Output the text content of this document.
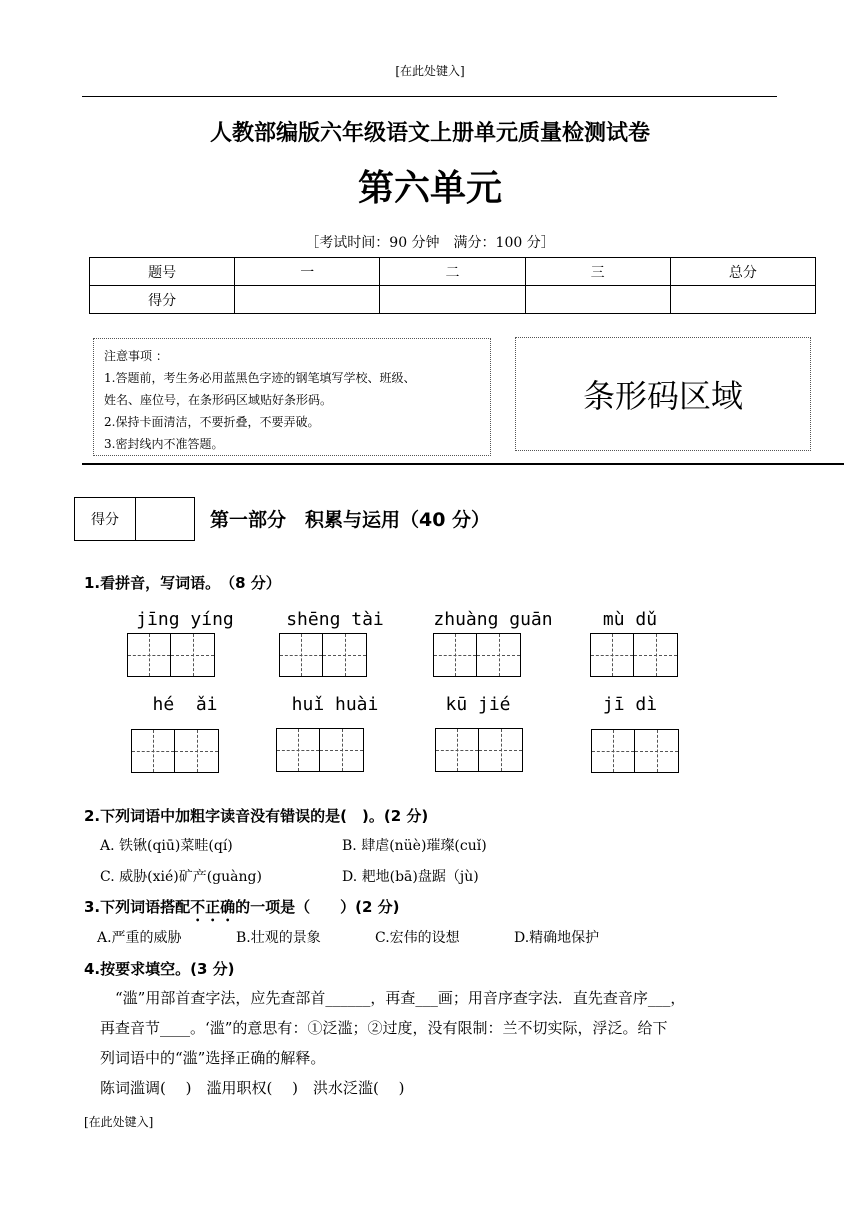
[在此处键入]
人教部编版六年级语文上册单元质量检测试卷
第六单元
［考试时间：90 分钟　满分：100 分］
题号	一	二	三	总分
得分				
注意事项 ：
1.答题前，考生务必用蓝黑色字迹的钢笔填写学校、班级、
姓名、座位号，在条形码区域贴好条形码。
2.保持卡面清洁，不要折叠，不要弄破。
3.密封线内不准答题。
条形码区域
得分	第一部分　积累与运用（40 分）
1.看拼音，写词语。　（8 分）
jīng yíng	shēng tài	zhuàng guān	mù dǔ
hé  ǎi	huǐ huài	kū jié	jī dì
2.下列词语中加粗字读音没有错误的是(　)。(2 分)
A. 铁锹(qiū)菜畦(qí)	B. 肆虐(nüè)璀璨(cuǐ)
C. 威胁(xié)矿产(guàng)	D. 耙地(bā)盘踞（jù)
3.下列词语搭配不正确的一项是（　　）(2 分)
A.严重的威胁	B.壮观的景象	C.宏伟的设想	D.精确地保护
4.按要求填空。(3 分)
　“滥”用部首查字法，应先查部首______，再查___画；用音序查字法．直先查音序___，
再查音节____。‘滥”的意思有：①泛滥；②过度，没有限制：兰不切实际，浮泛。给下
列词语中的“滥”选择正确的解释。
陈词滥调(　 )　滥用职权(　 )　洪水泛滥(　 )
[在此处键入]
